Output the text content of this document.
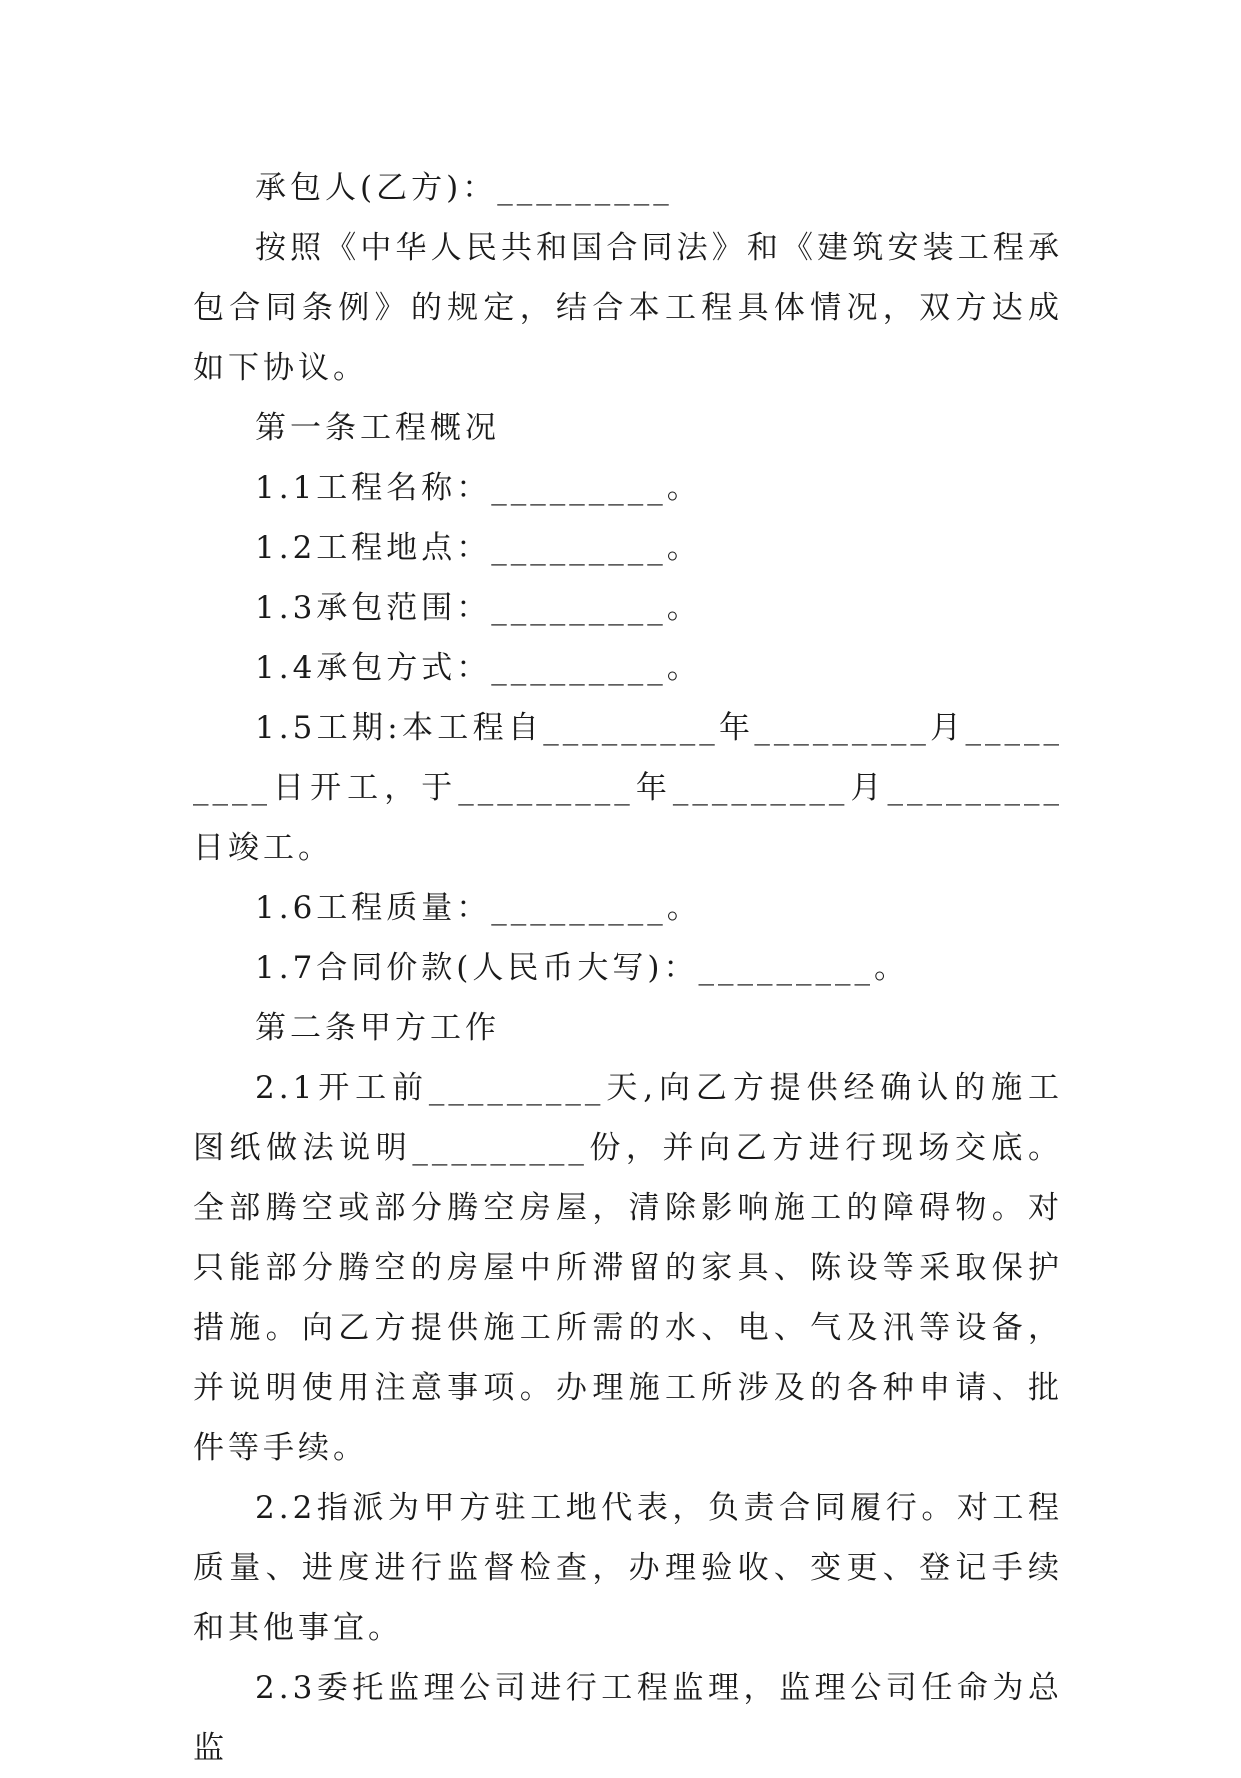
承包人(乙方)：_________

按照《中华人民共和国合同法》和《建筑安装工程承包合同条例》的规定，结合本工程具体情况，双方达成如下协议。

第一条工程概况

1.1工程名称：_________。

1.2工程地点：_________。

1.3承包范围：_________。

1.4承包方式：_________。

1.5工期:本工程自_________年_________月_________日开工，于_________年_________月_________日竣工。

1.6工程质量：_________。

1.7合同价款(人民币大写)：_________。

第二条甲方工作

2.1开工前_________天,向乙方提供经确认的施工图纸做法说明_________份，并向乙方进行现场交底。全部腾空或部分腾空房屋，清除影响施工的障碍物。对只能部分腾空的房屋中所滞留的家具、陈设等采取保护措施。向乙方提供施工所需的水、电、气及汛等设备，并说明使用注意事项。办理施工所涉及的各种申请、批件等手续。

2.2指派为甲方驻工地代表，负责合同履行。对工程质量、进度进行监督检查，办理验收、变更、登记手续和其他事宜。

2.3委托监理公司进行工程监理，监理公司任命为总监
